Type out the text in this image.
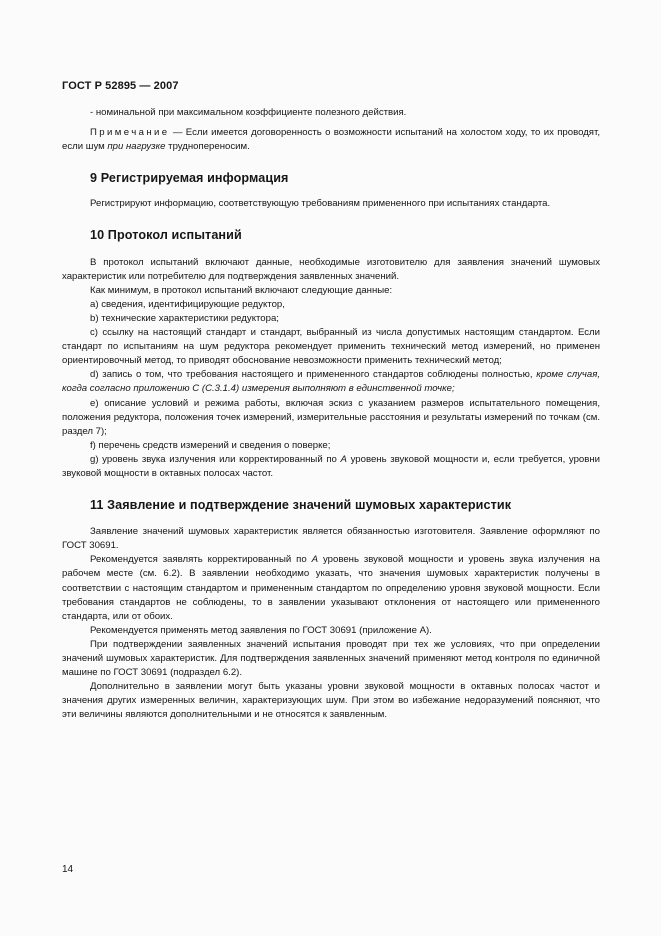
ГОСТ Р 52895 — 2007

- номинальной при максимальном коэффициенте полезного действия.

Примечание — Если имеется договоренность о возможности испытаний на холостом ходу, то их проводят, если шум при нагрузке труднопереносим.

9 Регистрируемая информация

Регистрируют информацию, соответствующую требованиям примененного при испытаниях стандарта.

10 Протокол испытаний

В протокол испытаний включают данные, необходимые изготовителю для заявления значений шумовых характеристик или потребителю для подтверждения заявленных значений.

Как минимум, в протокол испытаний включают следующие данные:

а) сведения, идентифицирующие редуктор,

b) технические характеристики редуктора;

с) ссылку на настоящий стандарт и стандарт, выбранный из числа допустимых настоящим стандартом. Если стандарт по испытаниям на шум редуктора рекомендует применить технический метод измерений, но применен ориентировочный метод, то приводят обоснование невозможности применить технический метод;

d) запись о том, что требования настоящего и примененного стандартов соблюдены полностью, кроме случая, когда согласно приложению С (С.3.1.4) измерения выполняют в единственной точке;

е) описание условий и режима работы, включая эскиз с указанием размеров испытательного помещения, положения редуктора, положения точек измерений, измерительные расстояния и результаты измерений по точкам (см. раздел 7);

f) перечень средств измерений и сведения о поверке;

g) уровень звука излучения или корректированный по А уровень звуковой мощности и, если требуется, уровни звуковой мощности в октавных полосах частот.

11 Заявление и подтверждение значений шумовых характеристик

Заявление значений шумовых характеристик является обязанностью изготовителя. Заявление оформляют по ГОСТ 30691.

Рекомендуется заявлять корректированный по А уровень звуковой мощности и уровень звука излучения на рабочем месте (см. 6.2). В заявлении необходимо указать, что значения шумовых характеристик получены в соответствии с настоящим стандартом и примененным стандартом по определению уровня звуковой мощности. Если требования стандартов не соблюдены, то в заявлении указывают отклонения от настоящего или примененного стандарта, или от обоих.

Рекомендуется применять метод заявления по ГОСТ 30691 (приложение А).

При подтверждении заявленных значений испытания проводят при тех же условиях, что при определении значений шумовых характеристик. Для подтверждения заявленных значений применяют метод контроля по единичной машине по ГОСТ 30691 (подраздел 6.2).

Дополнительно в заявлении могут быть указаны уровни звуковой мощности в октавных полосах частот и значения других измеренных величин, характеризующих шум. При этом во избежание недоразумений поясняют, что эти величины являются дополнительными и не относятся к заявленным.

14
